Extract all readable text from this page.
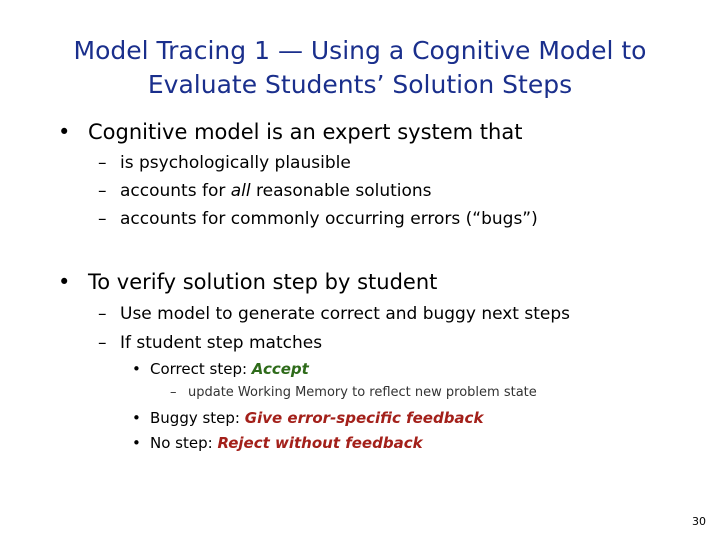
Model Tracing 1 — Using a Cognitive Model to
Evaluate Students’ Solution Steps
• Cognitive model is an expert system that
– is psychologically plausible
– accounts for all reasonable solutions
– accounts for commonly occurring errors (“bugs”)
• To verify solution step by student
– Use model to generate correct and buggy next steps
– If student step matches
• Correct step: Accept
– update Working Memory to reflect new problem state
• Buggy step: Give error-specific feedback
• No step: Reject without feedback
30
